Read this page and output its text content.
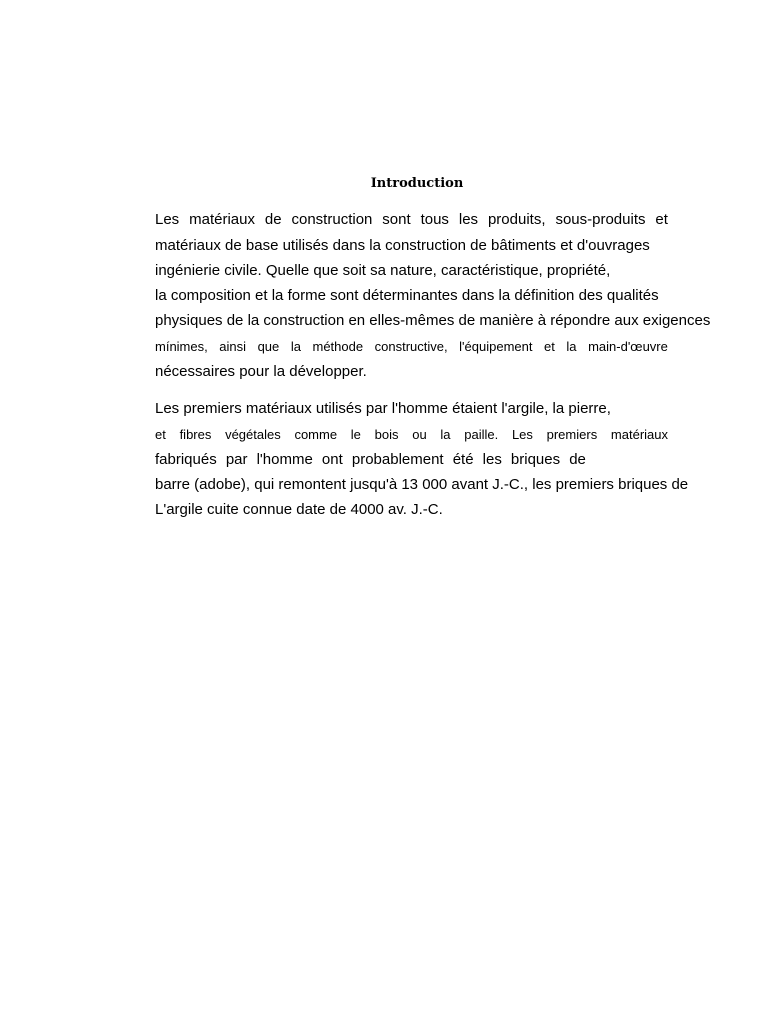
Introduction
Les matériaux de construction sont tous les produits, sous-produits et
matériaux de base utilisés dans la construction de bâtiments et d'ouvrages
ingénierie civile. Quelle que soit sa nature, caractéristique, propriété,
la composition et la forme sont déterminantes dans la définition des qualités
physiques de la construction en elles-mêmes de manière à répondre aux exigences
mínimes, ainsi que la méthode constructive, l'équipement et la main-d'œuvre
nécessaires pour la développer.
Les premiers matériaux utilisés par l'homme étaient l'argile, la pierre,
et fibres végétales comme le bois ou la paille. Les premiers matériaux
fabriqués par l'homme ont probablement été les briques de
barre (adobe), qui remontent jusqu'à 13 000 avant J.-C., les premiers briques de
L'argile cuite connue date de 4000 av. J.-C.
